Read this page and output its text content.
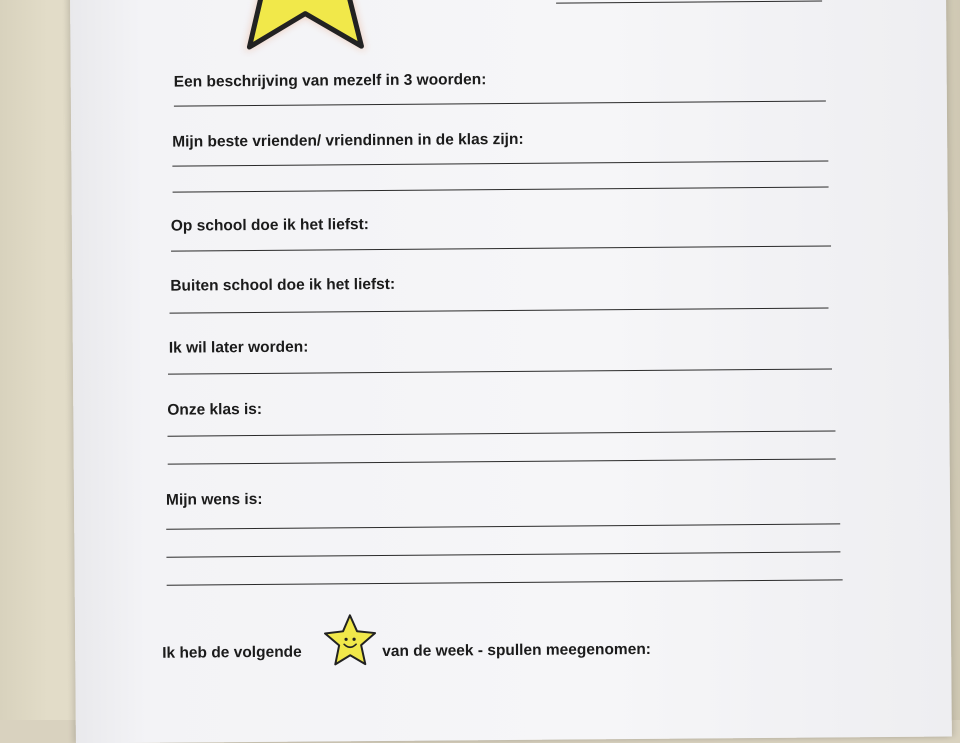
Een beschrijving van mezelf in 3 woorden:
Mijn beste vrienden/ vriendinnen in de klas zijn:
Op school doe ik het liefst:
Buiten school doe ik het liefst:
Ik wil later worden:
Onze klas is:
Mijn wens is:
Ik heb de volgende	van de week - spullen meegenomen:
